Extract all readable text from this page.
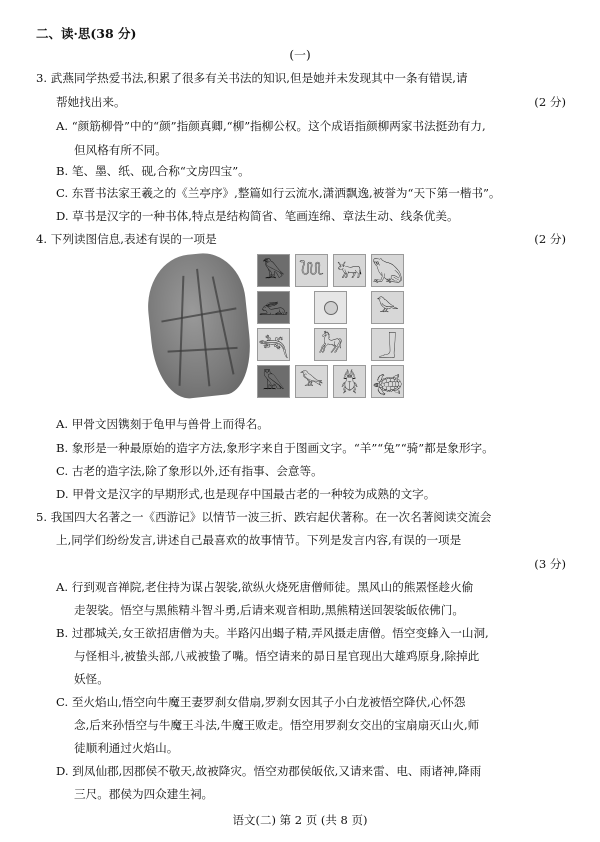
二、读·思(38 分)
(一)
3. 武燕同学热爱书法,积累了很多有关书法的知识,但是她并未发现其中一条有错误,请
帮她找出来。	(2 分)
A. “颜筋柳骨”中的“颜”指颜真卿,“柳”指柳公权。这个成语指颜柳两家书法挺劲有力,
但风格有所不同。
B. 笔、墨、纸、砚,合称“文房四宝”。
C. 东晋书法家王羲之的《兰亭序》,整篇如行云流水,潇洒飘逸,被誉为“天下第一楷书”。
D. 草书是汉字的一种书体,特点是结构简省、笔画连绵、章法生动、线条优美。
4. 下列读图信息,表述有误的一项是	(2 分)
𓅃 𓆙 𓃒 𓆏
𓃹	𓅪
𓆈 𓃗	𓃀
𓅓 𓅨 𓆣 𓆉
A. 甲骨文因镌刻于龟甲与兽骨上而得名。
B. 象形是一种最原始的造字方法,象形字来自于图画文字。“羊”“兔”“骑”都是象形字。
C. 古老的造字法,除了象形以外,还有指事、会意等。
D. 甲骨文是汉字的早期形式,也是现存中国最古老的一种较为成熟的文字。
5. 我国四大名著之一《西游记》以情节一波三折、跌宕起伏著称。在一次名著阅读交流会
上,同学们纷纷发言,讲述自己最喜欢的故事情节。下列是发言内容,有误的一项是
(3 分)
A. 行到观音禅院,老住持为谋占袈裟,欲纵火烧死唐僧师徒。黑风山的熊罴怪趁火偷
走袈裟。悟空与黑熊精斗智斗勇,后请来观音相助,黑熊精送回袈裟皈依佛门。
B. 过郡城关,女王欲招唐僧为夫。半路闪出蝎子精,弄风摄走唐僧。悟空变蜂入一山洞,
与怪相斗,被蛰头部,八戒被蛰了嘴。悟空请来的昴日星官现出大雄鸡原身,除掉此
妖怪。
C. 至火焰山,悟空向牛魔王妻罗刹女借扇,罗刹女因其子小白龙被悟空降伏,心怀怨
念,后来孙悟空与牛魔王斗法,牛魔王败走。悟空用罗刹女交出的宝扇扇灭山火,师
徒顺利通过火焰山。
D. 到凤仙郡,因郡侯不敬天,故被降灾。悟空劝郡侯皈依,又请来雷、电、雨诸神,降雨
三尺。郡侯为四众建生祠。
语文(二) 第 2 页 (共 8 页)
